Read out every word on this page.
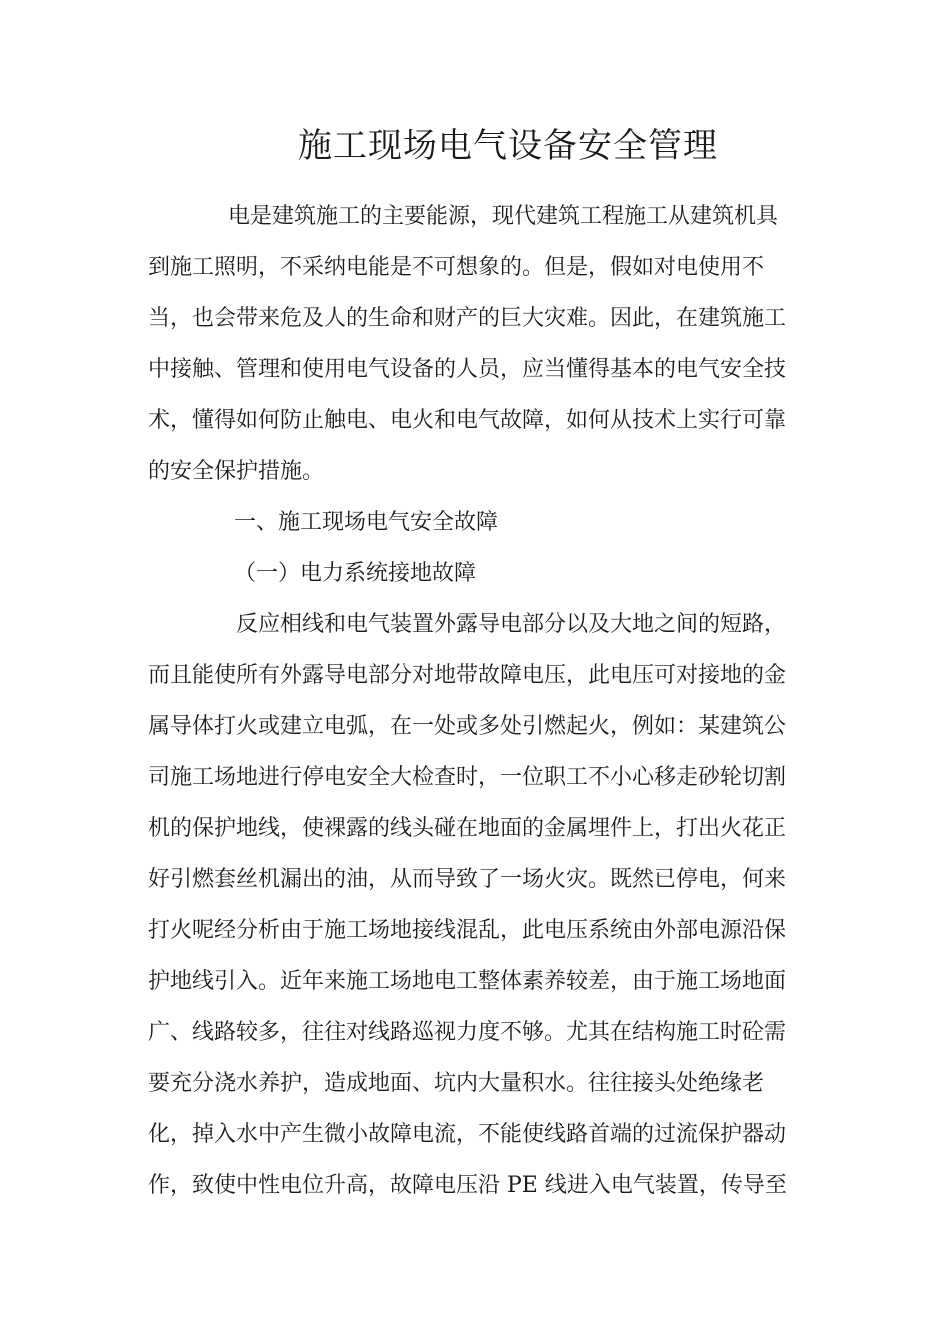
施工现场电气设备安全管理

电是建筑施工的主要能源，现代建筑工程施工从建筑机具

到施工照明，不采纳电能是不可想象的。但是，假如对电使用不

当，也会带来危及人的生命和财产的巨大灾难。因此，在建筑施工

中接触、管理和使用电气设备的人员，应当懂得基本的电气安全技

术，懂得如何防止触电、电火和电气故障，如何从技术上实行可靠

的安全保护措施。

一、施工现场电气安全故障

（一）电力系统接地故障

反应相线和电气装置外露导电部分以及大地之间的短路，

而且能使所有外露导电部分对地带故障电压，此电压可对接地的金

属导体打火或建立电弧，在一处或多处引燃起火，例如：某建筑公

司施工场地进行停电安全大检查时，一位职工不小心移走砂轮切割

机的保护地线，使裸露的线头碰在地面的金属埋件上，打出火花正

好引燃套丝机漏出的油，从而导致了一场火灾。既然已停电，何来

打火呢经分析由于施工场地接线混乱，此电压系统由外部电源沿保

护地线引入。近年来施工场地电工整体素养较差，由于施工场地面

广、线路较多，往往对线路巡视力度不够。尤其在结构施工时砼需

要充分浇水养护，造成地面、坑内大量积水。往往接头处绝缘老

化，掉入水中产生微小故障电流，不能使线路首端的过流保护器动

作，致使中性电位升高，故障电压沿 PE 线进入电气装置，传导至
